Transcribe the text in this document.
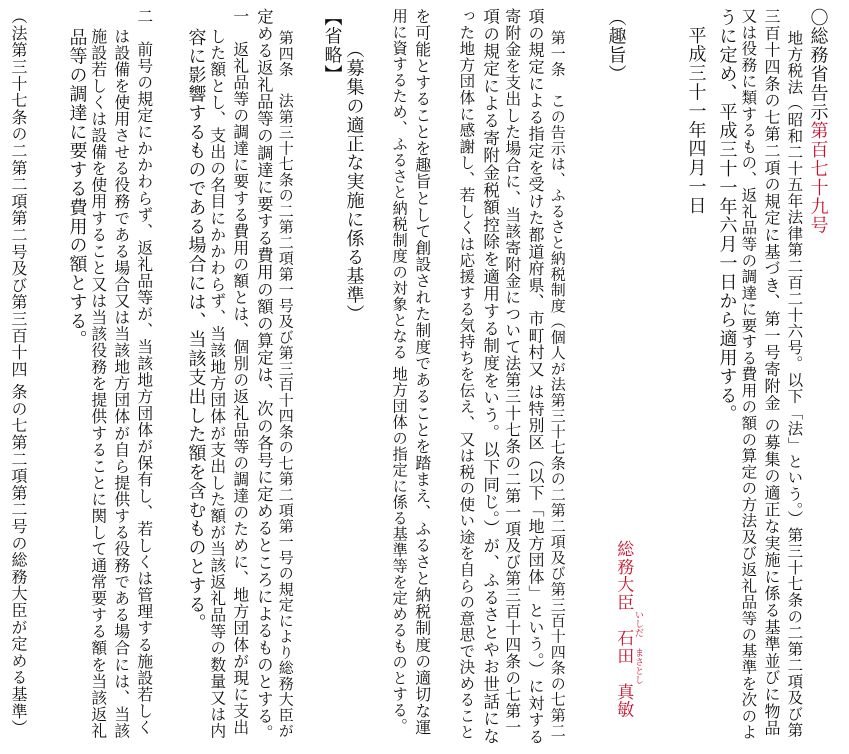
〇総務省告示第百七十九号
地方税法（昭和二十五年法律第二百二十六号。以下「法」という。）第三十七条の二第二項及び第
三百十四条の七第二項の規定に基づき、第一号寄附金 の募集の適正な実施に係る基準並びに物品
又は役務に類するもの、返礼品等の調達に要する費用の額の算定の方法及び返礼品等の基準を次のよ
うに定め、平成三十一年六月一日から適用する。
平成三十一年四月一日
総務大臣　石田　真敏
いしだ
まさとし
（趣旨）
第一条　この告示は、ふるさと納税制度（個人が法第三十七条の二第二項及び第三百十四条の七第二
項の規定による指定を受けた都道府県、市町村又 は特別区（以下「地方団体」という。）に対する
寄附金を支出した場合に、当該寄附金について法第三十七条の二第一項及び第三百十四条の七第一
項の規定による寄附金税額控除を適用する制度をいう。以下同じ。）が、ふるさとやお世話にな
った地方団体に感謝し、若しくは応援する気持ちを伝え、又は税の使い途を自らの意思で決めること
を可能とすることを趣旨として創設された制度であることを踏まえ、ふるさと納税制度の適切な運
用に資するため、ふるさと納税制度の対象となる 地方団体の指定に係る基準等を定めるものとする。
（募集の適正な実施に係る基準）
【省略】
第四条　法第三十七条の二第二項第一号及び第三百十四条の七第二項第一号の規定により総務大臣が
定める返礼品等の調達に要する費用の額の算定は、次の各号に定めるところによるものとする。
一　返礼品等の調達に要する費用の額とは、個別の返礼品等の調達のために、地方団体が現に支出
した額とし、支出の名目にかかわらず、当該地方団体が支出した額が当該返礼品等の数量又は内
容に影響するものである場合には、当該支出した額を含むものとする。
二　前号の規定にかかわらず、返礼品等が、当該地方団体が保有し、若しくは管理する施設若しく
は設備を使用させる役務である場合又は当該地方団体が自ら提供する役務である場合には、当該
施設若しくは設備を使用すること又は当該役務を提供することに関して通常要する額を当該返礼
品等の調達に要する費用の額とする。
（法第三十七条の二第二項第二号及び第三百十四 条の七第二項第二号の総務大臣が定める基準）
